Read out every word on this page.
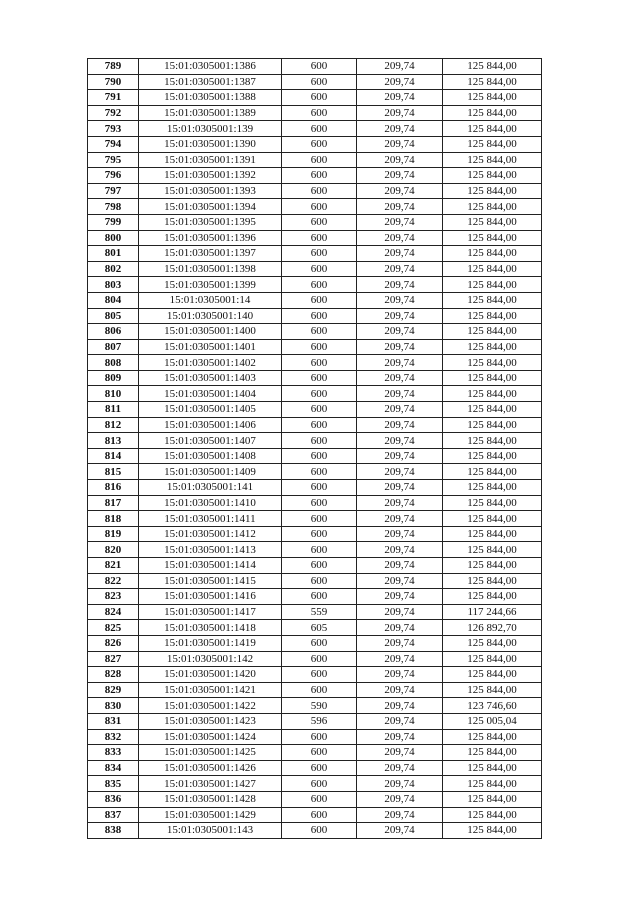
789	15:01:0305001:1386	600	209,74	125 844,00
790	15:01:0305001:1387	600	209,74	125 844,00
791	15:01:0305001:1388	600	209,74	125 844,00
792	15:01:0305001:1389	600	209,74	125 844,00
793	15:01:0305001:139	600	209,74	125 844,00
794	15:01:0305001:1390	600	209,74	125 844,00
795	15:01:0305001:1391	600	209,74	125 844,00
796	15:01:0305001:1392	600	209,74	125 844,00
797	15:01:0305001:1393	600	209,74	125 844,00
798	15:01:0305001:1394	600	209,74	125 844,00
799	15:01:0305001:1395	600	209,74	125 844,00
800	15:01:0305001:1396	600	209,74	125 844,00
801	15:01:0305001:1397	600	209,74	125 844,00
802	15:01:0305001:1398	600	209,74	125 844,00
803	15:01:0305001:1399	600	209,74	125 844,00
804	15:01:0305001:14	600	209,74	125 844,00
805	15:01:0305001:140	600	209,74	125 844,00
806	15:01:0305001:1400	600	209,74	125 844,00
807	15:01:0305001:1401	600	209,74	125 844,00
808	15:01:0305001:1402	600	209,74	125 844,00
809	15:01:0305001:1403	600	209,74	125 844,00
810	15:01:0305001:1404	600	209,74	125 844,00
811	15:01:0305001:1405	600	209,74	125 844,00
812	15:01:0305001:1406	600	209,74	125 844,00
813	15:01:0305001:1407	600	209,74	125 844,00
814	15:01:0305001:1408	600	209,74	125 844,00
815	15:01:0305001:1409	600	209,74	125 844,00
816	15:01:0305001:141	600	209,74	125 844,00
817	15:01:0305001:1410	600	209,74	125 844,00
818	15:01:0305001:1411	600	209,74	125 844,00
819	15:01:0305001:1412	600	209,74	125 844,00
820	15:01:0305001:1413	600	209,74	125 844,00
821	15:01:0305001:1414	600	209,74	125 844,00
822	15:01:0305001:1415	600	209,74	125 844,00
823	15:01:0305001:1416	600	209,74	125 844,00
824	15:01:0305001:1417	559	209,74	117 244,66
825	15:01:0305001:1418	605	209,74	126 892,70
826	15:01:0305001:1419	600	209,74	125 844,00
827	15:01:0305001:142	600	209,74	125 844,00
828	15:01:0305001:1420	600	209,74	125 844,00
829	15:01:0305001:1421	600	209,74	125 844,00
830	15:01:0305001:1422	590	209,74	123 746,60
831	15:01:0305001:1423	596	209,74	125 005,04
832	15:01:0305001:1424	600	209,74	125 844,00
833	15:01:0305001:1425	600	209,74	125 844,00
834	15:01:0305001:1426	600	209,74	125 844,00
835	15:01:0305001:1427	600	209,74	125 844,00
836	15:01:0305001:1428	600	209,74	125 844,00
837	15:01:0305001:1429	600	209,74	125 844,00
838	15:01:0305001:143	600	209,74	125 844,00
